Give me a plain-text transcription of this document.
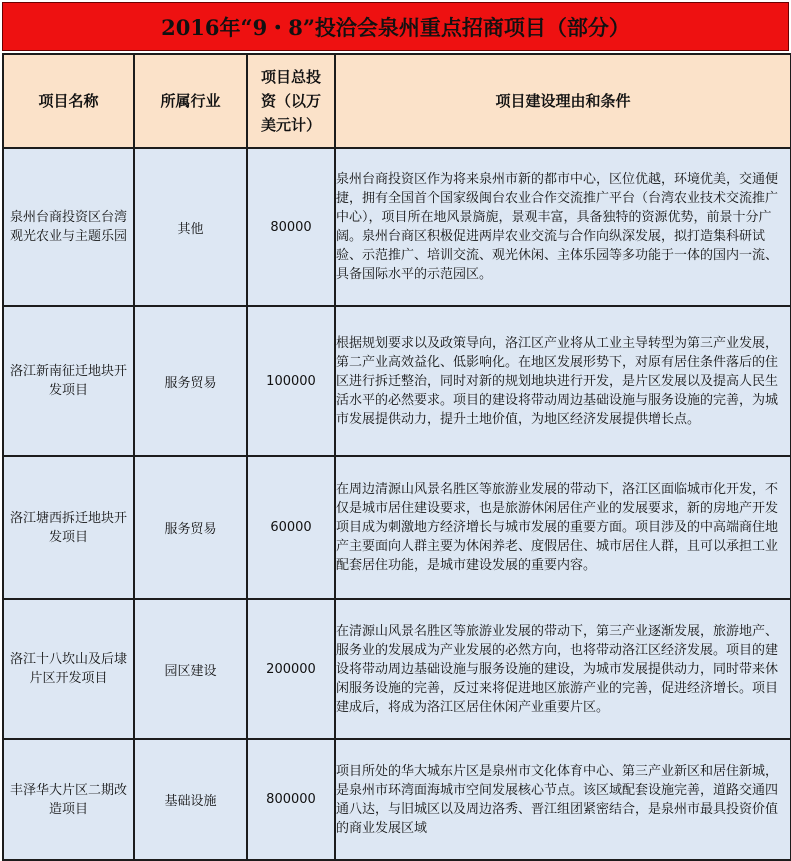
2016年“9・8”投洽会泉州重点招商项目（部分）
项目名称	所属行业	项目总投资（以万美元计）	项目建设理由和条件

泉州台商投资区台湾观光农业与主题乐园	其他	80000	泉州台商投资区作为将来泉州市新的都市中心，区位优越，环境优美，交通便捷，拥有全国首个国家级闽台农业合作交流推广平台（台湾农业技术交流推广中心），项目所在地风景旖旎，景观丰富，具备独特的资源优势，前景十分广阔。泉州台商区积极促进两岸农业交流与合作向纵深发展，拟打造集科研试验、示范推广、培训交流、观光休闲、主体乐园等多功能于一体的国内一流、具备国际水平的示范园区。
洛江新南征迁地块开发项目	服务贸易	100000	根据规划要求以及政策导向，洛江区产业将从工业主导转型为第三产业发展，第二产业高效益化、低影响化。在地区发展形势下，对原有居住条件落后的住区进行拆迁整治，同时对新的规划地块进行开发，是片区发展以及提高人民生活水平的必然要求。项目的建设将带动周边基础设施与服务设施的完善，为城市发展提供动力，提升土地价值，为地区经济发展提供增长点。
洛江塘西拆迁地块开发项目	服务贸易	60000	在周边清源山风景名胜区等旅游业发展的带动下，洛江区面临城市化开发，不仅是城市居住建设要求，也是旅游休闲居住产业的发展要求，新的房地产开发项目成为刺激地方经济增长与城市发展的重要方面。项目涉及的中高端商住地产主要面向人群主要为休闲养老、度假居住、城市居住人群，且可以承担工业配套居住功能，是城市建设发展的重要内容。
洛江十八坎山及后埭片区开发项目	园区建设	200000	在清源山风景名胜区等旅游业发展的带动下，第三产业逐渐发展，旅游地产、服务业的发展成为产业发展的必然方向，也将带动洛江区经济发展。项目的建设将带动周边基础设施与服务设施的建设，为城市发展提供动力，同时带来休闲服务设施的完善，反过来将促进地区旅游产业的完善，促进经济增长。项目建成后，将成为洛江区居住休闲产业重要片区。
丰泽华大片区二期改造项目	基础设施	800000	项目所处的华大城东片区是泉州市文化体育中心、第三产业新区和居住新城，是泉州市环湾面海城市空间发展核心节点。该区域配套设施完善，道路交通四通八达，与旧城区以及周边洛秀、晋江组团紧密结合，是泉州市最具投资价值的商业发展区域
